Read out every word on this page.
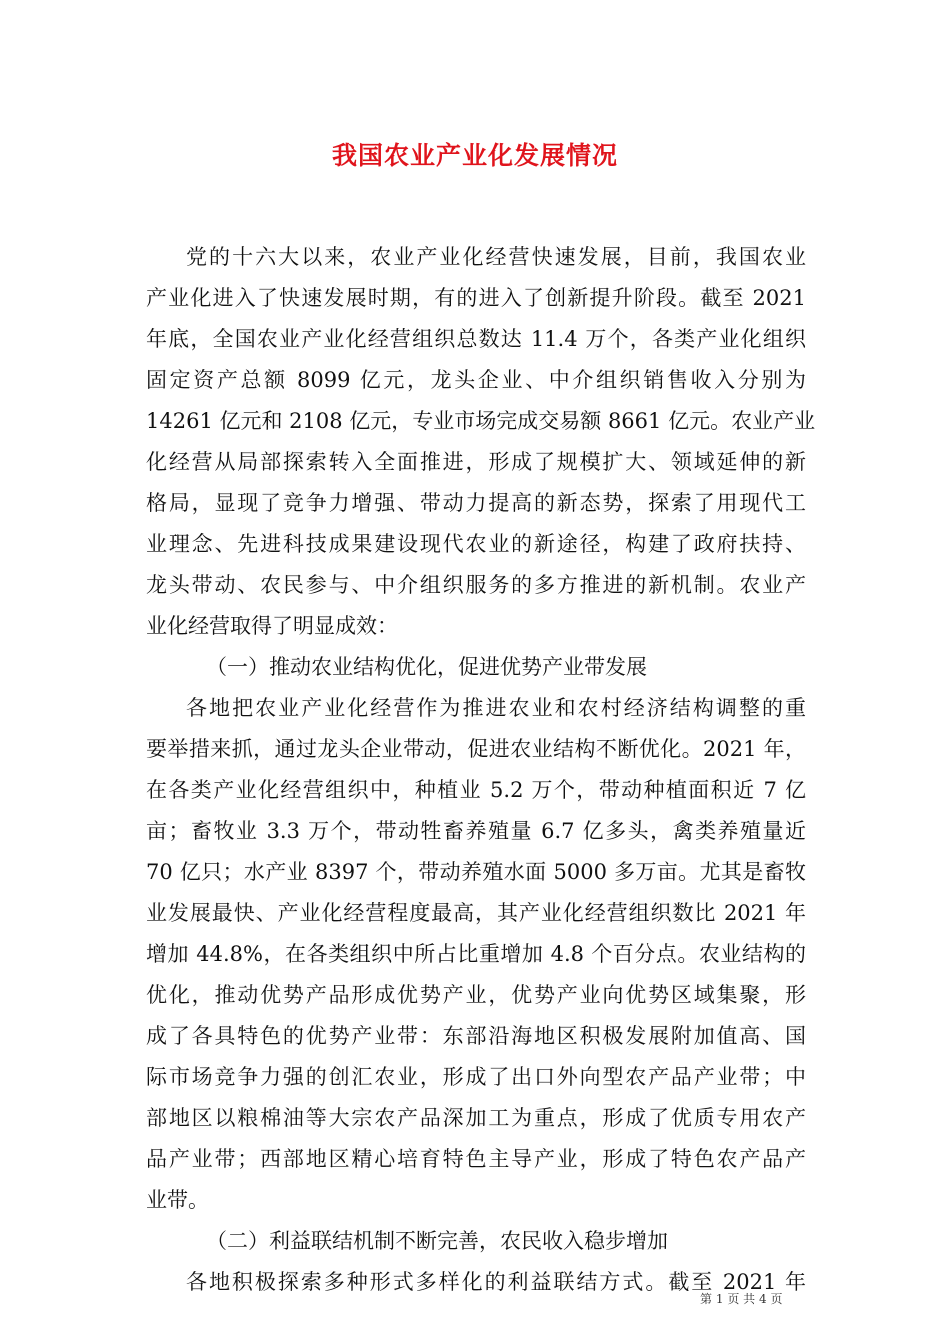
我国农业产业化发展情况
党的十六大以来，农业产业化经营快速发展，目前，我国农业
产业化进入了快速发展时期，有的进入了创新提升阶段。截至 2021
年底，全国农业产业化经营组织总数达 11.4 万个，各类产业化组织
固定资产总额 8099 亿元，龙头企业、中介组织销售收入分别为
14261 亿元和 2108 亿元，专业市场完成交易额 8661 亿元。农业产业
化经营从局部探索转入全面推进，形成了规模扩大、领域延伸的新
格局，显现了竞争力增强、带动力提高的新态势，探索了用现代工
业理念、先进科技成果建设现代农业的新途径，构建了政府扶持、
龙头带动、农民参与、中介组织服务的多方推进的新机制。农业产
业化经营取得了明显成效：
（一）推动农业结构优化，促进优势产业带发展
各地把农业产业化经营作为推进农业和农村经济结构调整的重
要举措来抓，通过龙头企业带动，促进农业结构不断优化。2021 年，
在各类产业化经营组织中，种植业 5.2 万个，带动种植面积近 7 亿
亩；畜牧业 3.3 万个，带动牲畜养殖量 6.7 亿多头，禽类养殖量近
70 亿只；水产业 8397 个，带动养殖水面 5000 多万亩。尤其是畜牧
业发展最快、产业化经营程度最高，其产业化经营组织数比 2021 年
增加 44.8%，在各类组织中所占比重增加 4.8 个百分点。农业结构的
优化，推动优势产品形成优势产业，优势产业向优势区域集聚，形
成了各具特色的优势产业带：东部沿海地区积极发展附加值高、国
际市场竞争力强的创汇农业，形成了出口外向型农产品产业带；中
部地区以粮棉油等大宗农产品深加工为重点，形成了优质专用农产
品产业带；西部地区精心培育特色主导产业，形成了特色农产品产
业带。
（二）利益联结机制不断完善，农民收入稳步增加
各地积极探索多种形式多样化的利益联结方式。截至 2021 年
第 1 页 共 4 页
